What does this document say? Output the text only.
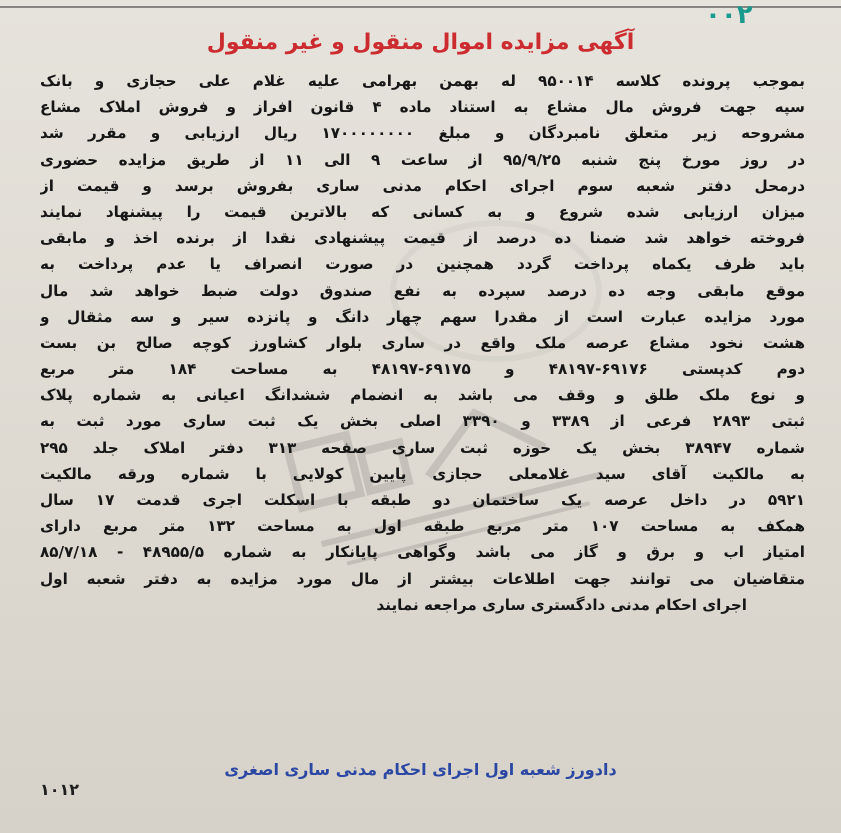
۰۰۲
آگهی مزایده اموال منقول و غیر منقول
بموجب پرونده کلاسه ۹۵۰۰۱۴ له بهمن بهرامی علیه غلام علی حجازی و بانک
سپه جهت فروش مال مشاع به استناد ماده ۴ قانون افراز و فروش املاک مشاع
مشروحه زیر متعلق نامبردگان و مبلغ ۱۷۰۰۰۰۰۰۰۰ ریال ارزیابی و مقرر شد
در روز مورخ پنج شنبه ۹۵/۹/۲۵ از ساعت ۹ الی ۱۱ از طریق مزایده حضوری
درمحل دفتر شعبه سوم اجرای احکام مدنی ساری بفروش برسد و قیمت از
میزان ارزیابی شده شروع و به کسانی که بالاترین قیمت را پیشنهاد نمایند
فروخته خواهد شد ضمنا ده درصد از قیمت پیشنهادی نقدا از برنده اخذ و مابقی
باید ظرف یکماه پرداخت گردد همچنین در صورت انصراف یا عدم پرداخت به
موقع مابقی وجه ده درصد سپرده به نفع صندوق دولت ضبط خواهد شد مال
مورد مزایده عبارت است از مقدرا سهم چهار دانگ و پانزده سیر و سه مثقال و
هشت نخود مشاع عرصه ملک واقع در ساری بلوار کشاورز کوچه صالح بن بست
دوم کدپستی ۶۹۱۷۶-۴۸۱۹۷ و ۶۹۱۷۵-۴۸۱۹۷ به مساحت ۱۸۴ متر مربع
و نوع ملک طلق و وقف می باشد به انضمام ششدانگ اعیانی به شماره پلاک
ثبتی ۲۸۹۳ فرعی از ۳۳۸۹ و ۳۳۹۰ اصلی بخش یک ثبت ساری مورد ثبت به
شماره ۳۸۹۴۷ بخش یک حوزه ثبت ساری صفحه ۳۱۳ دفتر املاک جلد ۲۹۵
به مالکیت آقای سید غلامعلی حجازی پایین کولایی با شماره ورقه مالکیت
۵۹۲۱ در داخل عرصه یک ساختمان دو طبقه با اسکلت اجری قدمت ۱۷ سال
همکف به مساحت ۱۰۷ متر مربع طبقه اول به مساحت ۱۳۲ متر مربع دارای
امتیاز اب و برق و گاز می باشد وگواهی پایانکار به شماره ۴۸۹۵۵/۵ - ۸۵/۷/۱۸
متقاضیان می توانند جهت اطلاعات بیشتر از مال مورد مزایده به دفتر شعبه اول
اجرای احکام مدنی دادگستری ساری مراجعه نمایند
دادورز شعبه اول اجرای احکام مدنی ساری اصغری
۱۰۱۲
